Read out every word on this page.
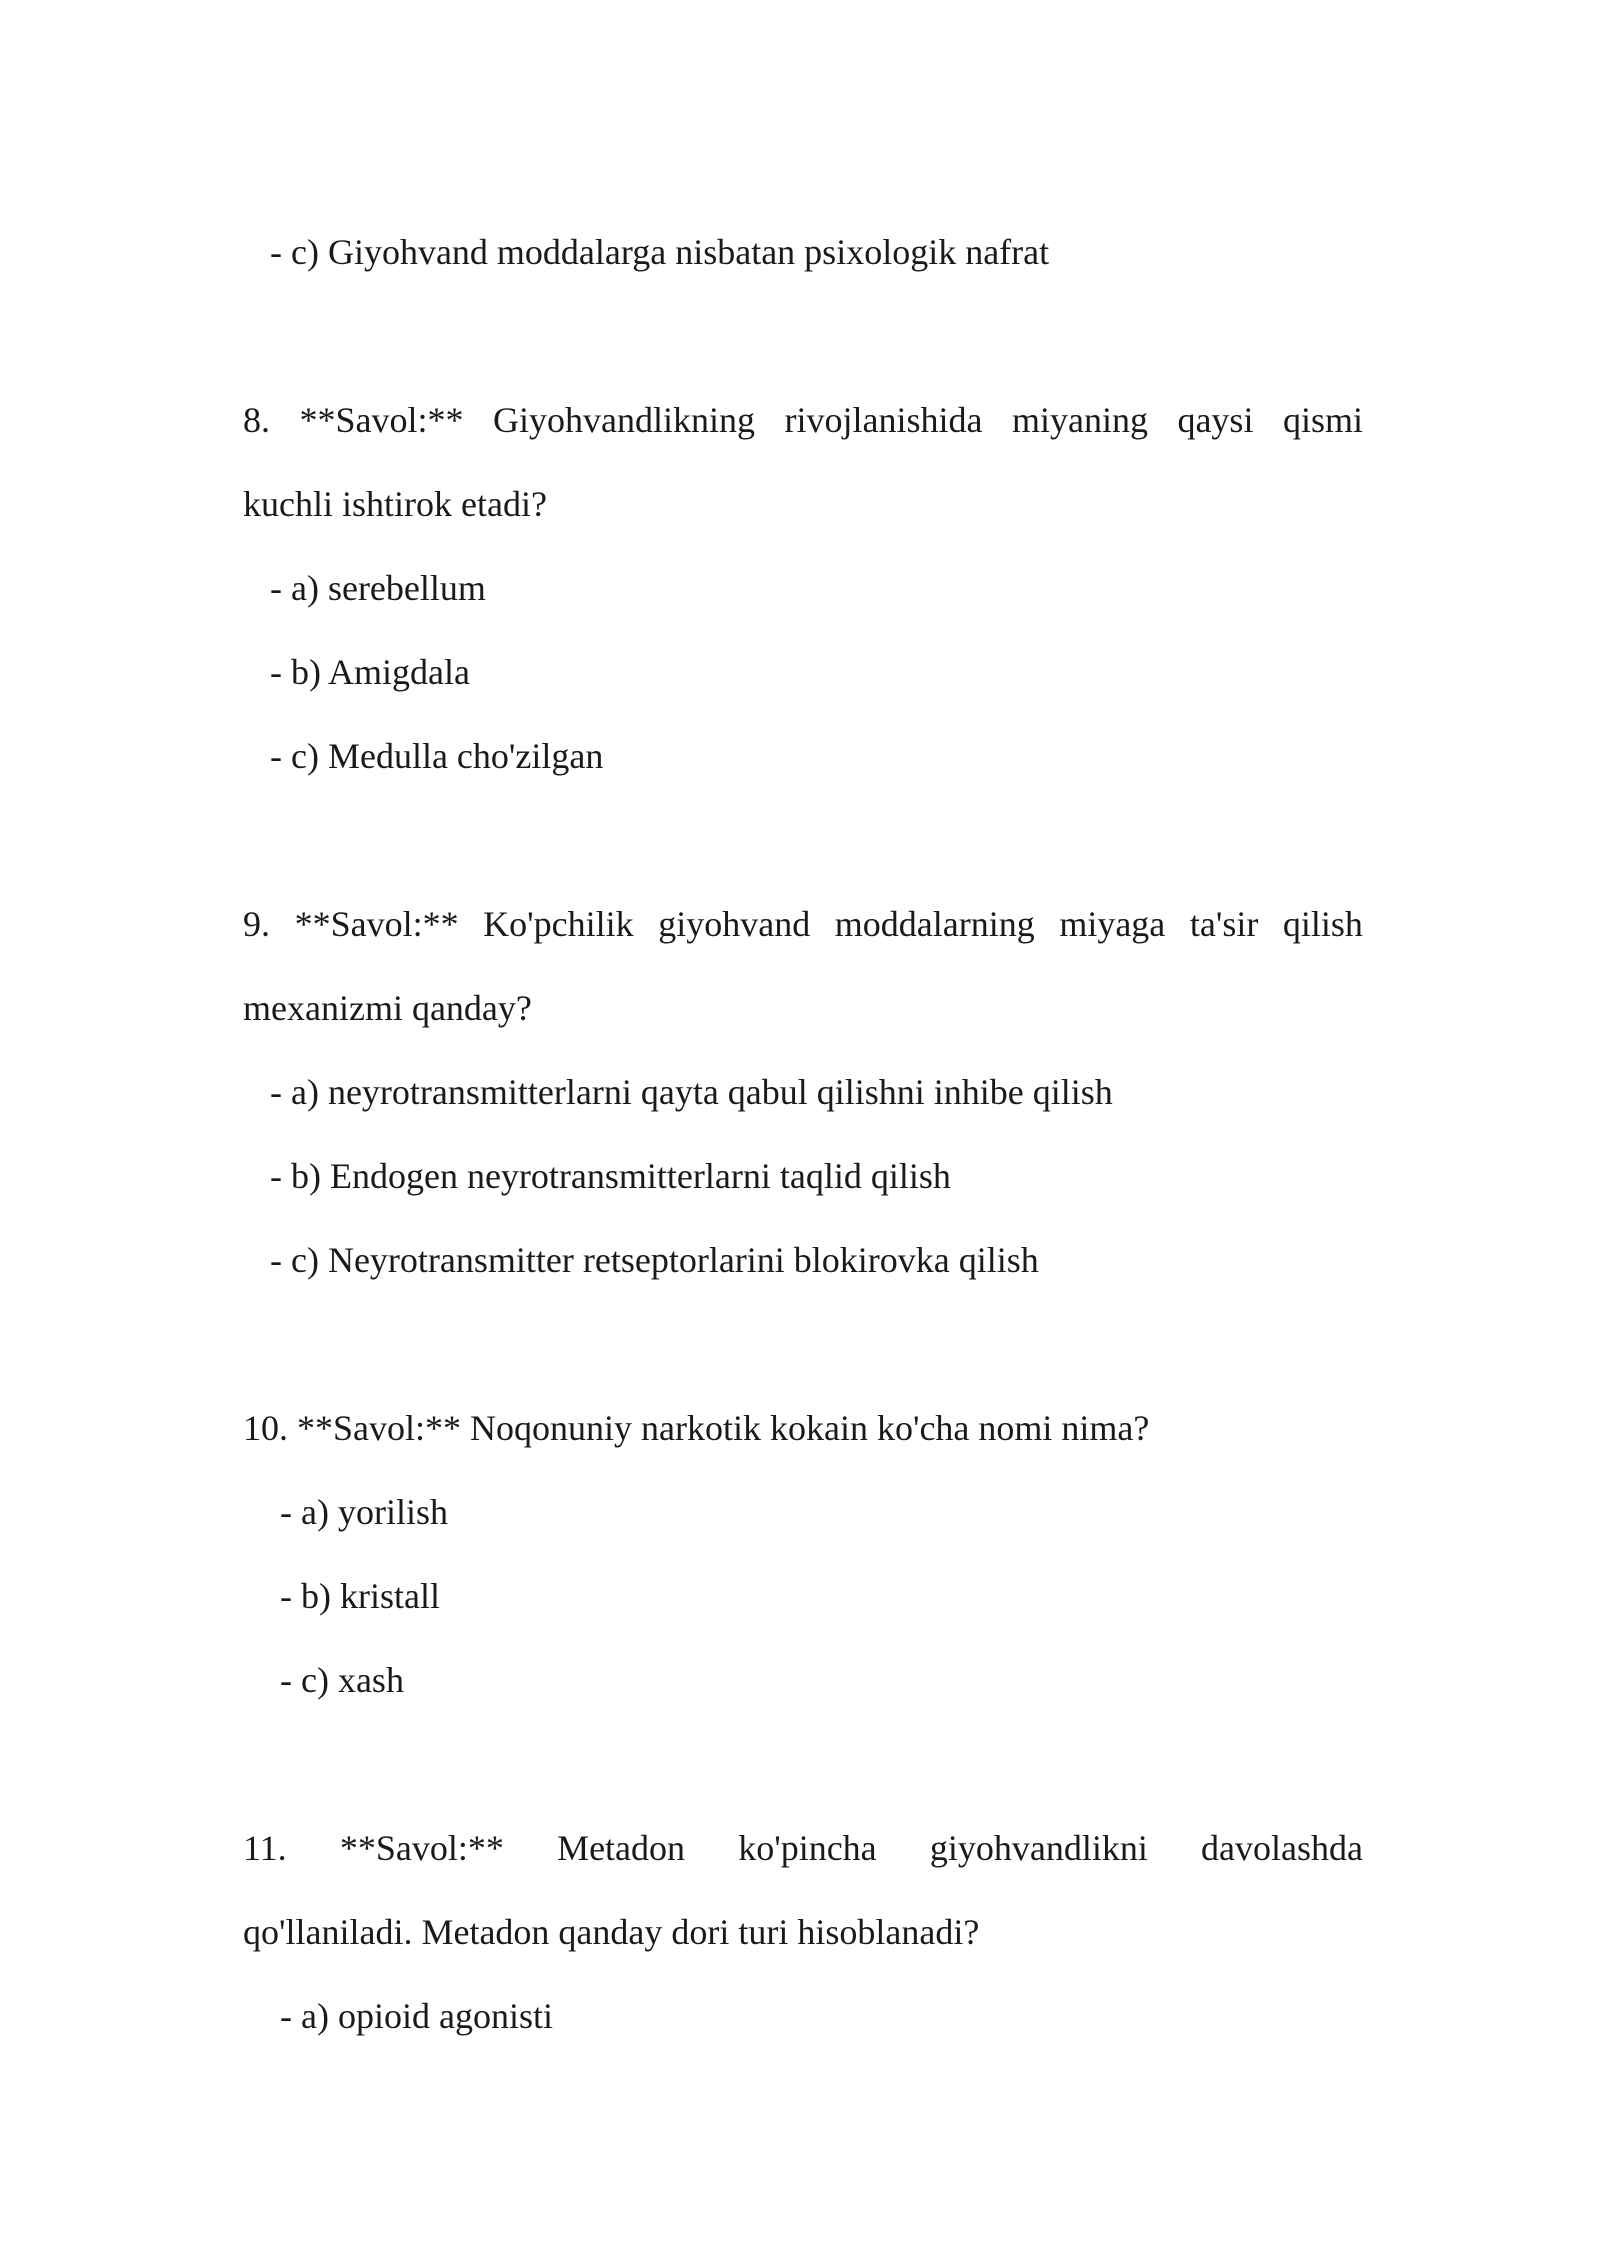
- c) Giyohvand moddalarga nisbatan psixologik nafrat
8. **Savol:** Giyohvandlikning rivojlanishida miyaning qaysi qismi
kuchli ishtirok etadi?
- a) serebellum
- b) Amigdala
- c) Medulla cho'zilgan
9. **Savol:** Ko'pchilik giyohvand moddalarning miyaga ta'sir qilish
mexanizmi qanday?
- a) neyrotransmitterlarni qayta qabul qilishni inhibe qilish
- b) Endogen neyrotransmitterlarni taqlid qilish
- c) Neyrotransmitter retseptorlarini blokirovka qilish
10. **Savol:** Noqonuniy narkotik kokain ko'cha nomi nima?
- a) yorilish
- b) kristall
- c) xash
11. **Savol:** Metadon ko'pincha giyohvandlikni davolashda
qo'llaniladi. Metadon qanday dori turi hisoblanadi?
- a) opioid agonisti
